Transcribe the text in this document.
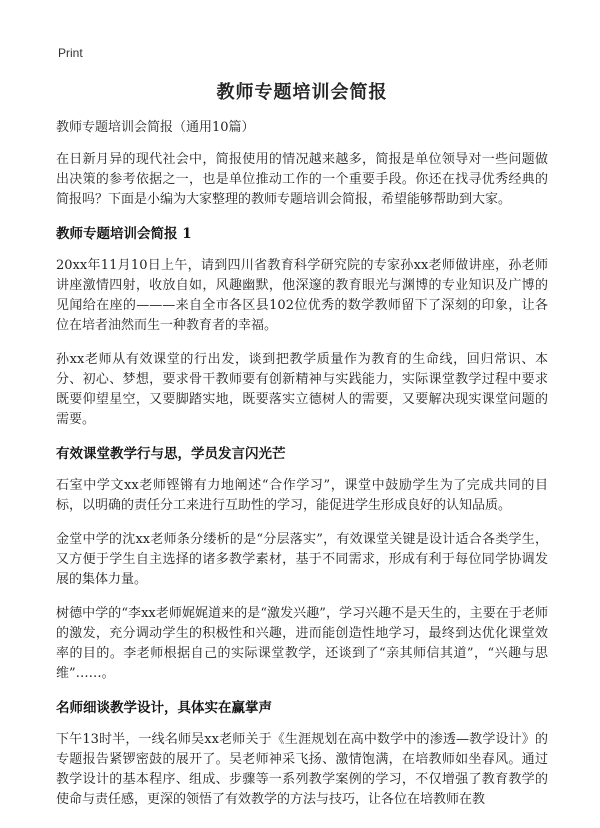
Print
教师专题培训会简报
教师专题培训会简报（通用10篇）

在日新月异的现代社会中，简报使用的情况越来越多，简报是单位领导对一些问题做出决策的参考依据之一，也是单位推动工作的一个重要手段。你还在找寻优秀经典的简报吗？下面是小编为大家整理的教师专题培训会简报，希望能够帮助到大家。

教师专题培训会简报 1

20xx年11月10日上午，请到四川省教育科学研究院的专家孙xx老师做讲座，孙老师讲座激情四射，收放自如，风趣幽默，他深邃的教育眼光与渊博的专业知识及广博的见闻给在座的———来自全市各区县102位优秀的数学教师留下了深刻的印象，让各位在培者油然而生一种教育者的幸福。

孙xx老师从有效课堂的行出发，谈到把教学质量作为教育的生命线，回归常识、本分、初心、梦想，要求骨干教师要有创新精神与实践能力，实际课堂教学过程中要求既要仰望星空，又要脚踏实地，既要落实立德树人的需要，又要解决现实课堂问题的需要。

有效课堂教学行与思，学员发言闪光芒

石室中学文xx老师铿锵有力地阐述“合作学习”，课堂中鼓励学生为了完成共同的目标，以明确的责任分工来进行互助性的学习，能促进学生形成良好的认知品质。

金堂中学的沈xx老师条分缕析的是“分层落实”，有效课堂关键是设计适合各类学生，又方便于学生自主选择的诸多教学素材，基于不同需求，形成有利于每位同学协调发展的集体力量。

树德中学的“李xx老师娓娓道来的是“激发兴趣”，学习兴趣不是天生的，主要在于老师的激发，充分调动学生的积极性和兴趣，进而能创造性地学习，最终到达优化课堂效率的目的。李老师根据自己的实际课堂教学，还谈到了“亲其师信其道”，“兴趣与思维”……。

名师细谈教学设计，具体实在赢掌声

下午13时半，一线名师吴xx老师关于《生涯规划在高中数学中的渗透—教学设计》的专题报告紧锣密鼓的展开了。吴老师神采飞扬、激情饱满，在培教师如坐春风。通过教学设计的基本程序、组成、步骤等一系列教学案例的学习，不仅增强了教育教学的使命与责任感，更深的领悟了有效教学的方法与技巧，让各位在培教师在教
